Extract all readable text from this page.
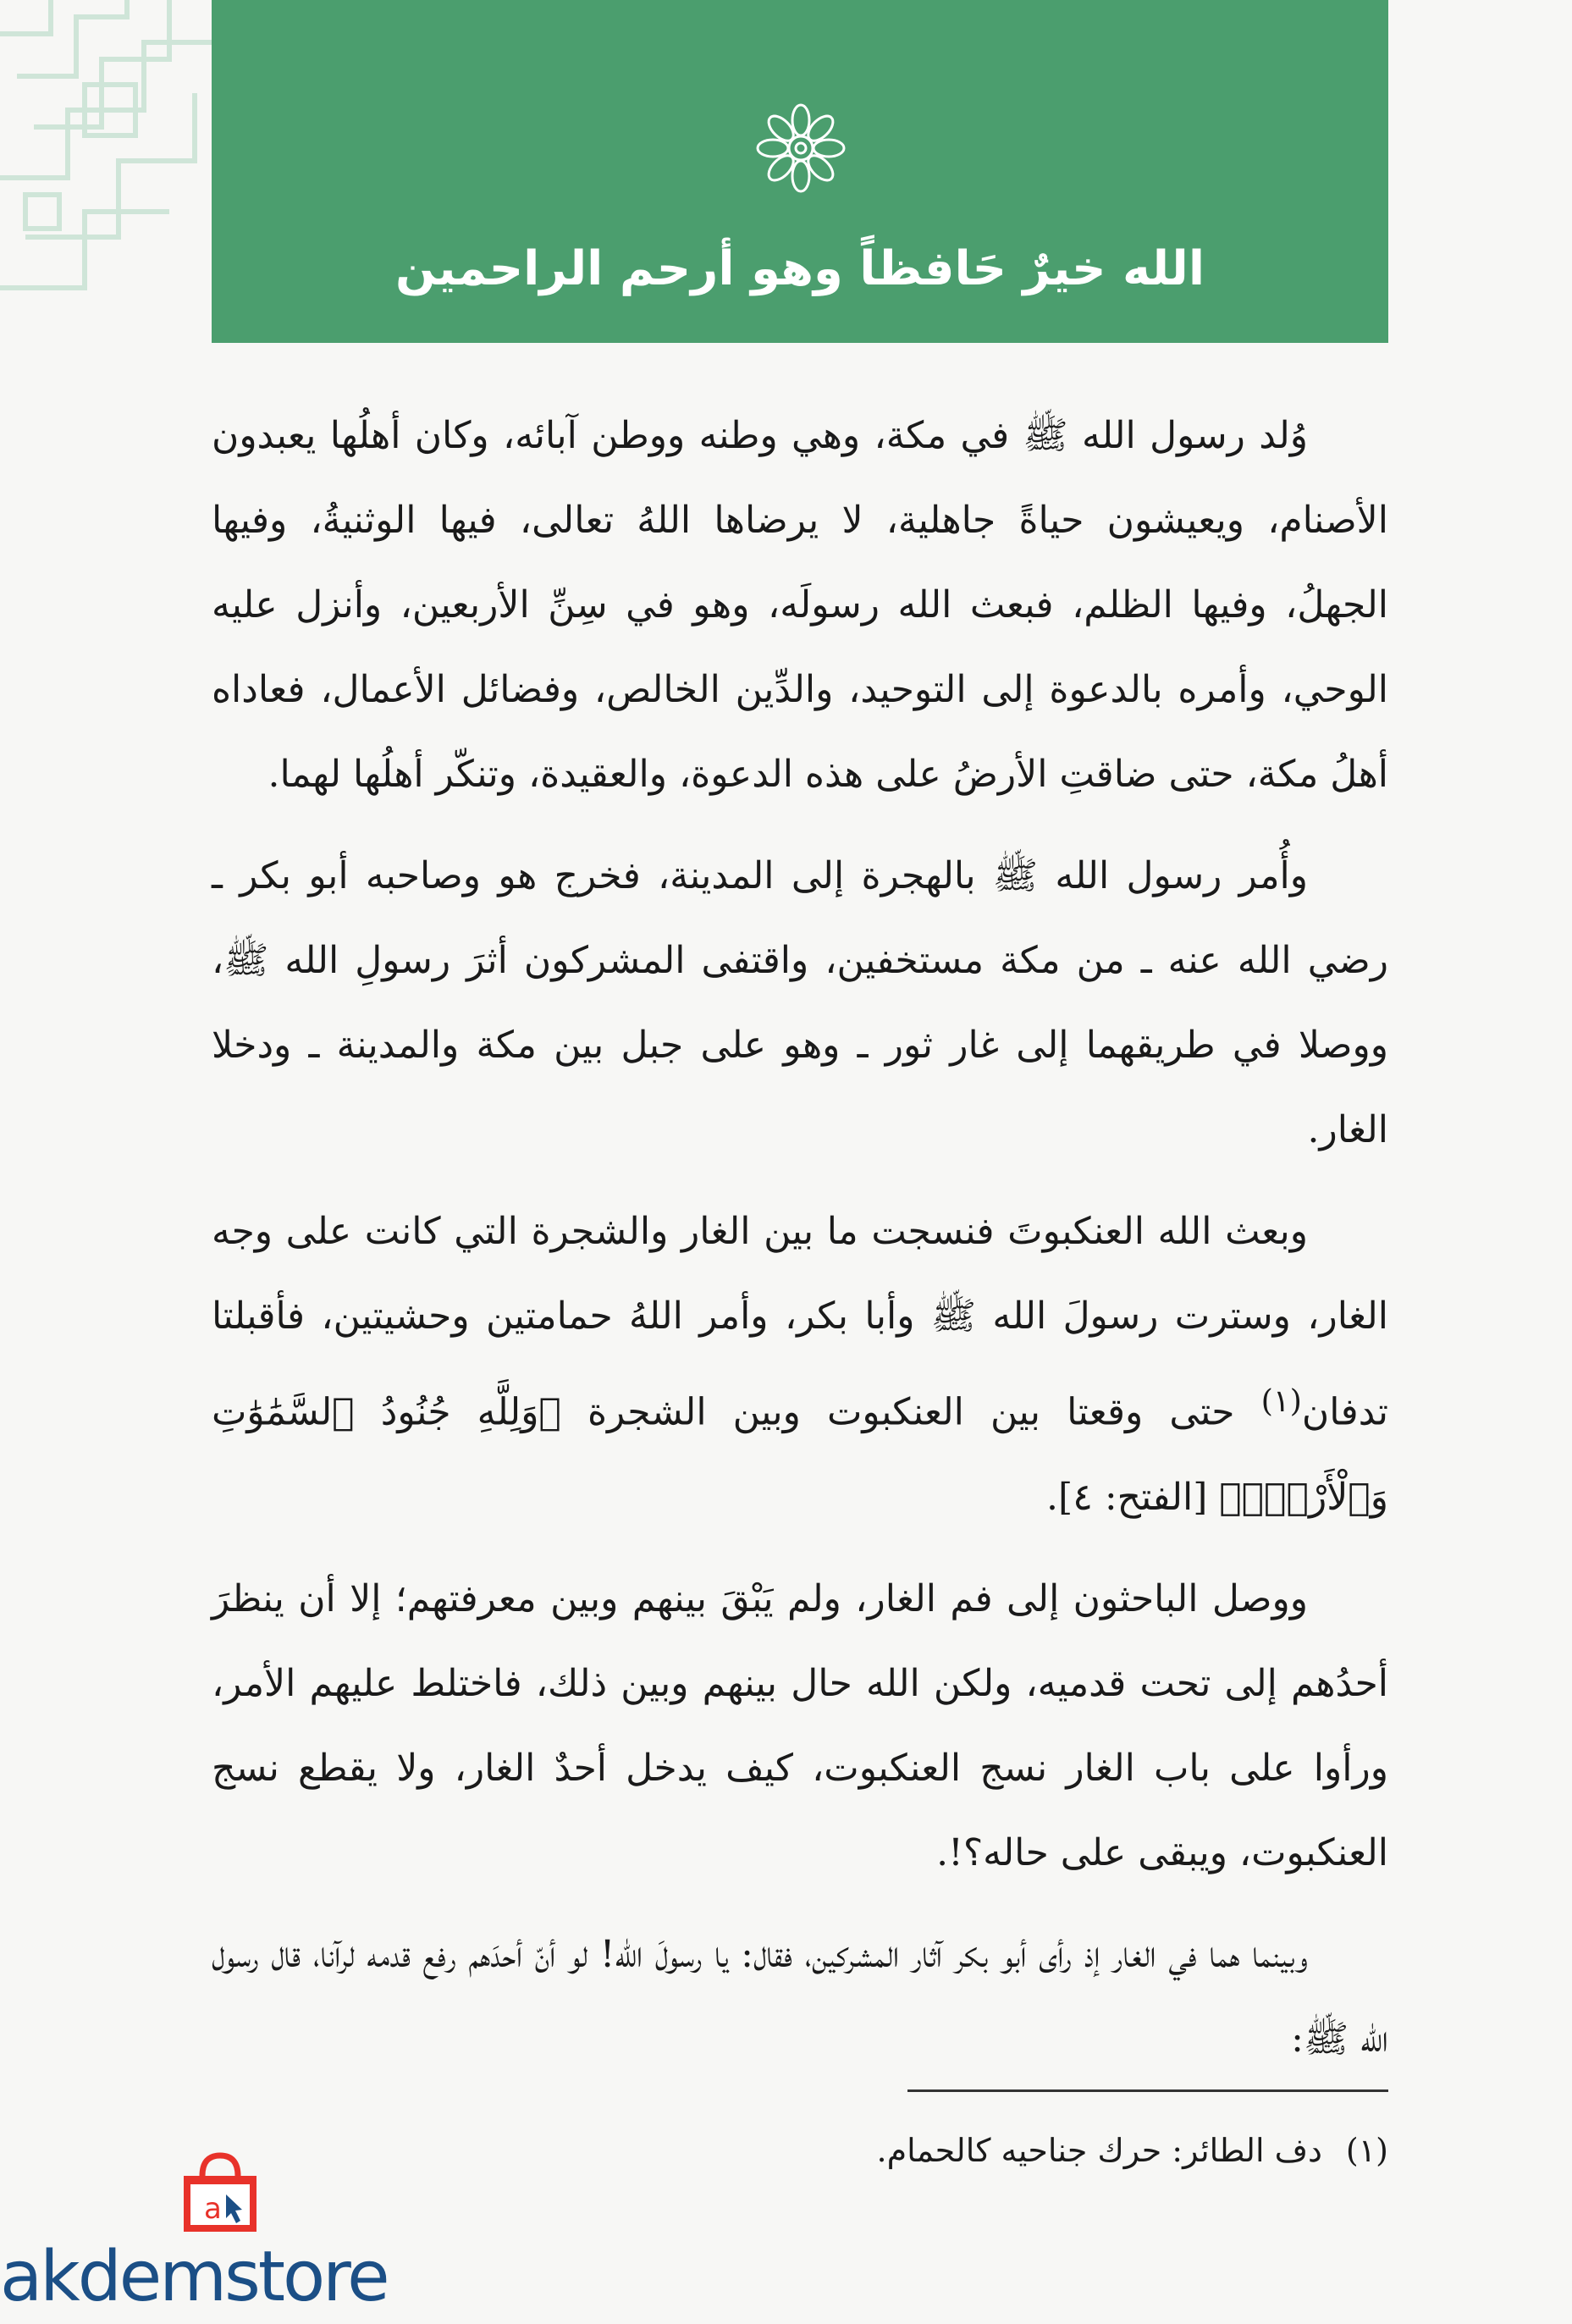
الله خيرٌ حَافظاً وهو أرحم الراحمين

وُلد رسول الله ﷺ في مكة، وهي وطنه ووطن آبائه، وكان أهلُها يعبدون الأصنام، ويعيشون حياةً جاهلية، لا يرضاها اللهُ تعالى، فيها الوثنيةُ، وفيها الجهلُ، وفيها الظلم، فبعث الله رسولَه، وهو في سِنِّ الأربعين، وأنزل عليه الوحي، وأمره بالدعوة إلى التوحيد، والدِّين الخالص، وفضائل الأعمال، فعاداه أهلُ مكة، حتى ضاقتِ الأرضُ على هذه الدعوة، والعقيدة، وتنكّر أهلُها لهما.

وأُمر رسول الله ﷺ بالهجرة إلى المدينة، فخرج هو وصاحبه أبو بكر ـ رضي الله عنه ـ من مكة مستخفين، واقتفى المشركون أثرَ رسولِ الله ﷺ، ووصلا في طريقهما إلى غار ثور ـ وهو على جبل بين مكة والمدينة ـ ودخلا الغار.

وبعث الله العنكبوتَ فنسجت ما بين الغار والشجرة التي كانت على وجه الغار، وسترت رسولَ الله ﷺ وأبا بكر، وأمر اللهُ حمامتين وحشيتين، فأقبلتا تدفان$^{(١)}$ حتى وقعتا بين العنكبوت وبين الشجرة ﴿وَلِلَّهِ جُنُودُ ٱلسَّمَٰوَٰتِ وَٱلْأَرْضِۚ﴾ [الفتح: ٤].

ووصل الباحثون إلى فم الغار، ولم يَبْقَ بينهم وبين معرفتهم؛ إلا أن ينظرَ أحدُهم إلى تحت قدميه، ولكن الله حال بينهم وبين ذلك، فاختلط عليهم الأمر، ورأوا على باب الغار نسج العنكبوت، كيف يدخل أحدٌ الغار، ولا يقطع نسج العنكبوت، ويبقى على حاله؟!.

وبينما هما في الغار إذ رأى أبو بكر آثار المشركين، فقال: يا رسولَ الله! لو أنّ أحدَهم رفع قدمه لرآنا، قال رسول الله ﷺ:

(١)دف الطائر: حرك جناحيه كالحمام.
a
akdemstore
